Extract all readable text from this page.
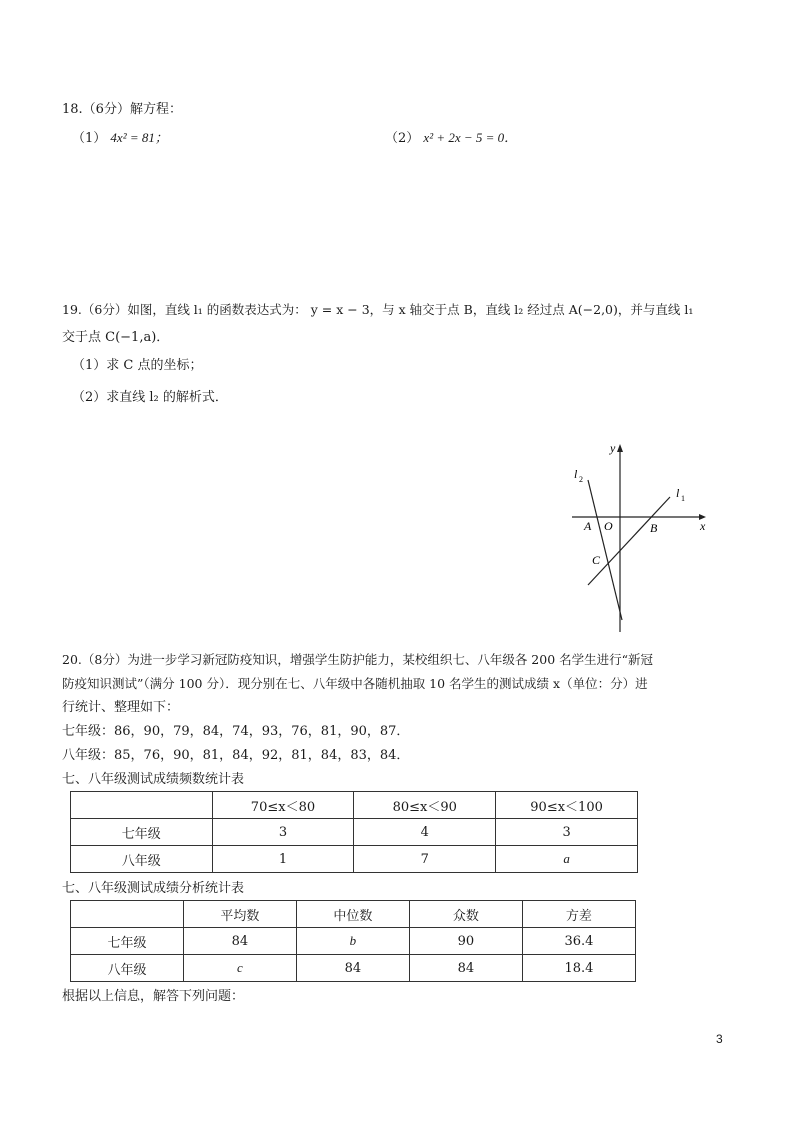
18.（6分）解方程：
（1） 4x² = 81；	（2） x² + 2x − 5 = 0．
19.（6分）如图，直线 l₁ 的函数表达式为： y = x − 3，与 x 轴交于点 B，直线 l₂ 经过点 A(−2,0)，并与直线 l₁
交于点 C(−1,a)．
（1）求 C 点的坐标；
（2）求直线 l₂ 的解析式．
y
x
l 2
l 1
A O	B
C
20.（8分）为进一步学习新冠防疫知识，增强学生防护能力，某校组织七、八年级各 200 名学生进行“新冠
防疫知识测试”（满分 100 分）．现分别在七、八年级中各随机抽取 10 名学生的测试成绩 x（单位：分）进
行统计、整理如下：
七年级：86，90，79，84，74，93，76，81，90，87．
八年级：85，76，90，81，84，92，81，84，83，84．
七、八年级测试成绩频数统计表
	70≤x＜80	80≤x＜90	90≤x＜100
七年级	3	4	3
八年级	1	7	a
七、八年级测试成绩分析统计表
	平均数	中位数	众数	方差
七年级	84	b	90	36.4
八年级	c	84	84	18.4
根据以上信息，解答下列问题：
3
